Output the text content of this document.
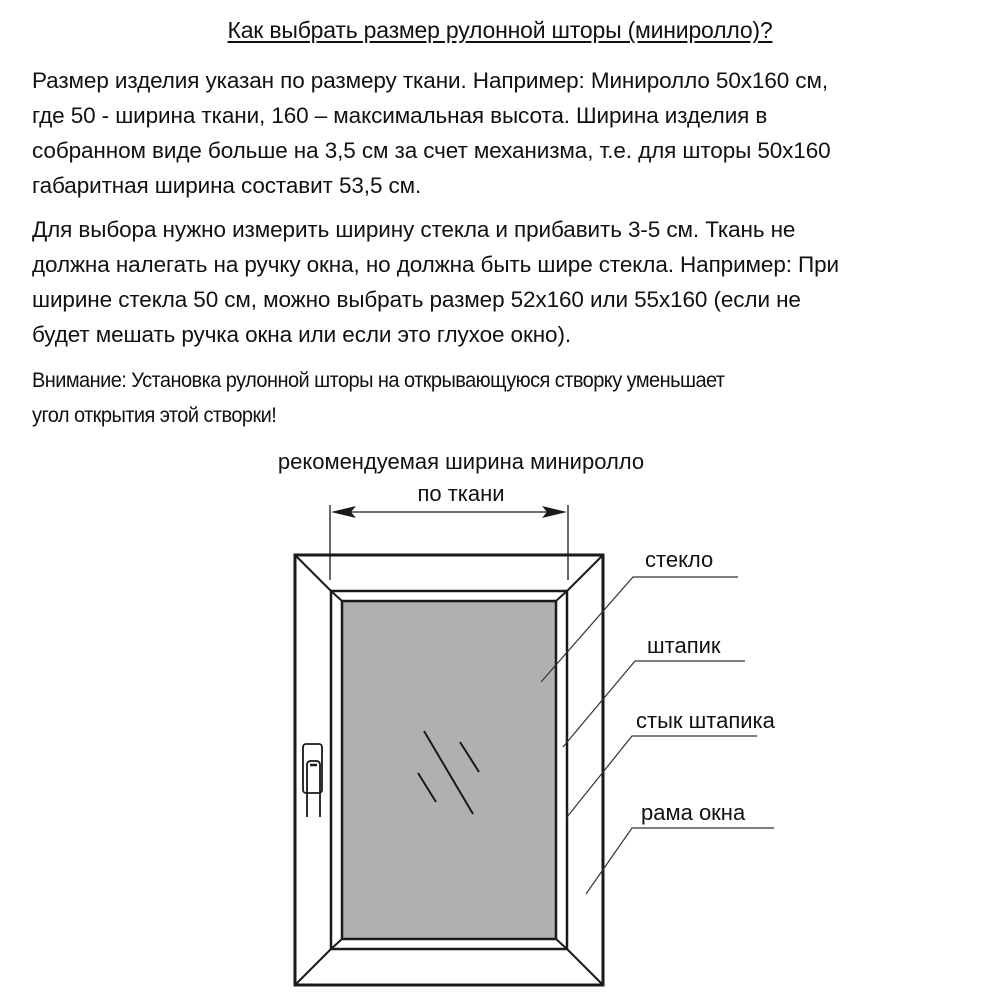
Как выбрать размер рулонной шторы (миниролло)?

Размер изделия указан по размеру ткани. Например: Миниролло 50х160 см,
где 50 - ширина ткани, 160 – максимальная высота. Ширина изделия в
собранном виде больше на 3,5 см за счет механизма, т.е. для шторы 50х160
габаритная ширина составит 53,5 см.

Для выбора нужно измерить ширину стекла и прибавить 3-5 см. Ткань не
должна налегать на ручку окна, но должна быть шире стекла. Например: При
ширине стекла 50 см, можно выбрать размер 52х160 или 55х160 (если не
будет мешать ручка окна или если это глухое окно).

Внимание: Установка рулонной шторы на открывающуюся створку уменьшает
угол открытия этой створки!

рекомендуемая ширина миниролло
по ткани
стекло
штапик
стык штапика
рама окна
